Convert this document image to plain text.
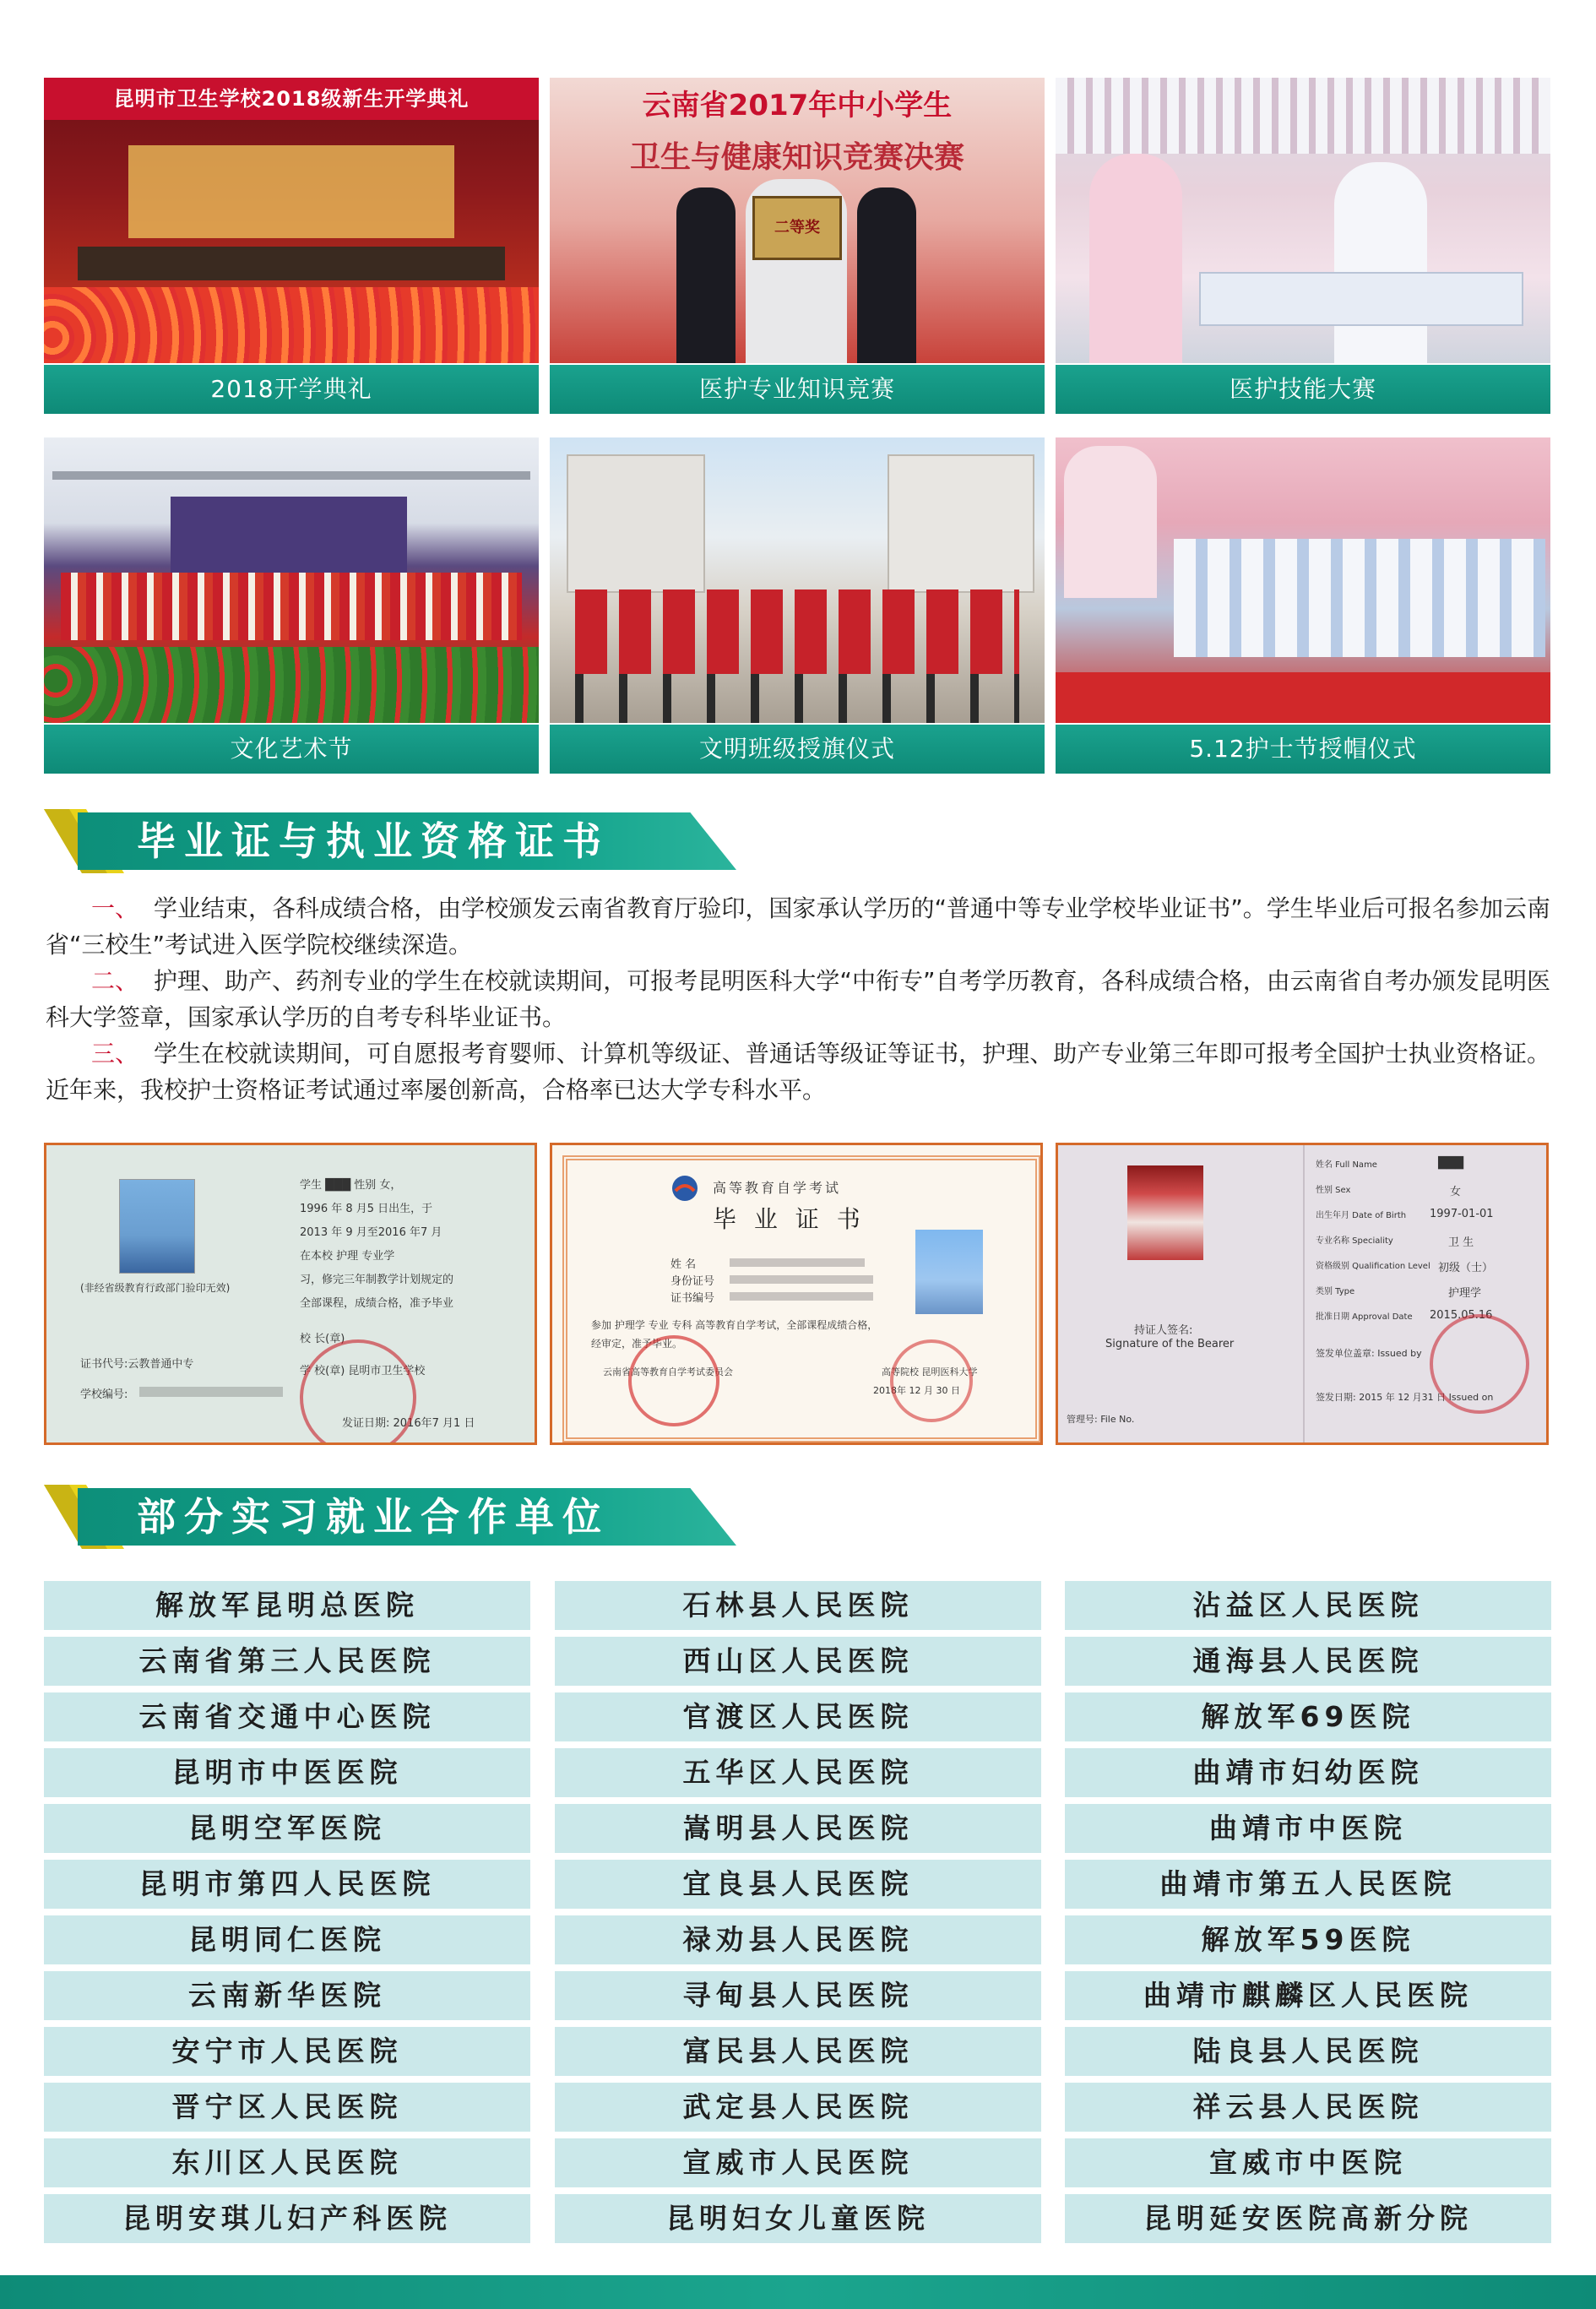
昆明市卫生学校2018级新生开学典礼
2018开学典礼
云南省2017年中小学生
卫生与健康知识竞赛决赛
二等奖
医护专业知识竞赛	医护技能大赛
文化艺术节	文明班级授旗仪式	5.12护士节授帽仪式
毕业证与执业资格证书
一、 学业结束，各科成绩合格，由学校颁发云南省教育厅验印，国家承认学历的“普通中等专业学校毕业证书”。学生毕业后可报名参加云南省“三校生”考试进入医学院校继续深造。
二、 护理、助产、药剂专业的学生在校就读期间，可报考昆明医科大学“中衔专”自考学历教育，各科成绩合格，由云南省自考办颁发昆明医科大学签章，国家承认学历的自考专科毕业证书。
三、 学生在校就读期间，可自愿报考育婴师、计算机等级证、普通话等级证等证书，护理、助产专业第三年即可报考全国护士执业资格证。近年来，我校护士资格证考试通过率屡创新高，合格率已达大学专科水平。
(非经省级教育行政部门验印无效)
学生 ███ 性别 女，
1996 年 8 月5 日出生，于
2013 年 9 月至2016 年7 月
在本校 护理 专业学
习，修完三年制教学计划规定的
全部课程，成绩合格，准予毕业
校 长(章)
学 校(章) 昆明市卫生学校
证书代号:云教普通中专
学校编号:
发证日期: 2016年7 月1 日
高等教育自学考试
毕 业 证 书
姓 名
身份证号
证书编号
参加 护理学 专业 专科 高等教育自学考试，全部课程成绩合格，
经审定，准予毕业。
云南省高等教育自学考试委员会	高等院校 昆明医科大学
2018年 12 月 30 日
持证人签名:
Signature of the Bearer
管理号: File No.
姓名 Full Name	███
性别 Sex	女
出生年月 Date of Birth 1997-01-01
专业名称 Speciality	卫 生
资格级别 Qualification Level 初级（士）
类别 Type	护理学
批准日期 Approval Date 2015.05.16
签发单位盖章: Issued by
签发日期: 2015 年 12 月31 日 Issued on
部分实习就业合作单位
解放军昆明总医院	石林县人民医院	沾益区人民医院
云南省第三人民医院	西山区人民医院	通海县人民医院
云南省交通中心医院	官渡区人民医院	解放军69医院
昆明市中医医院	五华区人民医院	曲靖市妇幼医院
昆明空军医院	嵩明县人民医院	曲靖市中医院
昆明市第四人民医院	宜良县人民医院	曲靖市第五人民医院
昆明同仁医院	禄劝县人民医院	解放军59医院
云南新华医院	寻甸县人民医院	曲靖市麒麟区人民医院
安宁市人民医院	富民县人民医院	陆良县人民医院
晋宁区人民医院	武定县人民医院	祥云县人民医院
东川区人民医院	宣威市人民医院	宣威市中医院
昆明安琪儿妇产科医院	昆明妇女儿童医院	昆明延安医院高新分院
